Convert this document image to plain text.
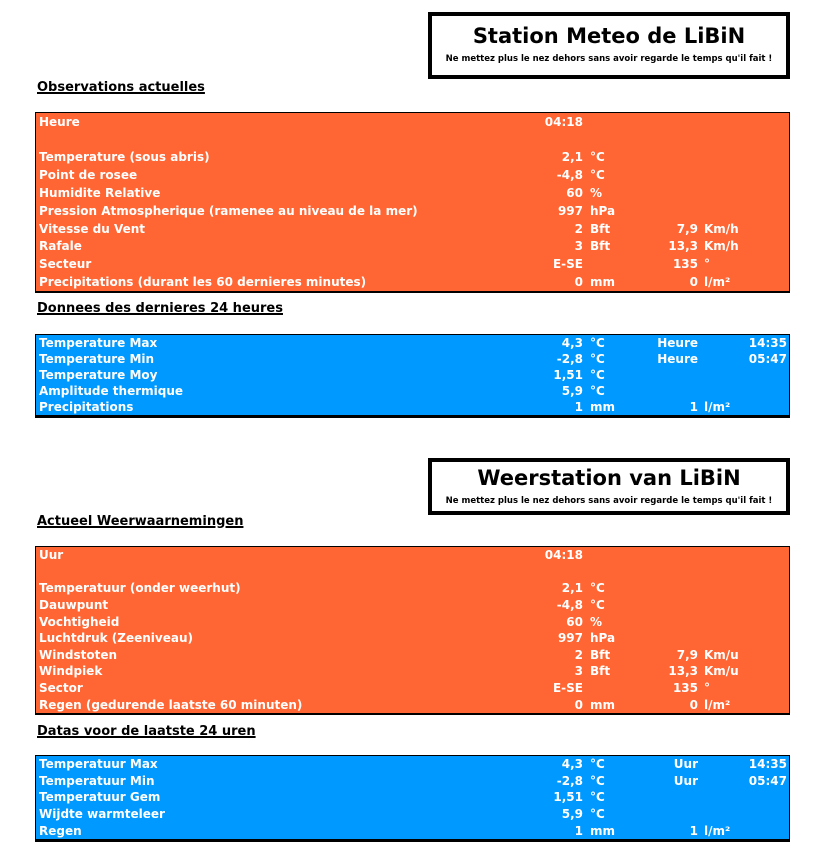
Station Meteo de LiBiN
Ne mettez plus le nez dehors sans avoir regarde le temps qu'il fait !
Observations actuelles
Heure	04:18
Temperature (sous abris)	2,1 °C
Point de rosee	-4,8 °C
Humidite Relative	60 %
Pression Atmospherique (ramenee au niveau de la mer)	997 hPa
Vitesse du Vent	2 Bft	7,9 Km/h
Rafale	3 Bft	13,3 Km/h
Secteur	E-SE	135 °
Precipitations (durant les 60 dernieres minutes)	0 mm	0 l/m²
Donnees des dernieres 24 heures
Temperature Max	4,3 °C	Heure	14:35
Temperature Min	-2,8 °C	Heure	05:47
Temperature Moy	1,51 °C
Amplitude thermique	5,9 °C
Precipitations	1 mm	1 l/m²
Weerstation van LiBiN
Ne mettez plus le nez dehors sans avoir regarde le temps qu'il fait !
Actueel Weerwaarnemingen
Uur	04:18
Temperatuur (onder weerhut)	2,1 °C
Dauwpunt	-4,8 °C
Vochtigheid	60 %
Luchtdruk (Zeeniveau)	997 hPa
Windstoten	2 Bft	7,9 Km/u
Windpiek	3 Bft	13,3 Km/u
Sector	E-SE	135 °
Regen (gedurende laatste 60 minuten)	0 mm	0 l/m²
Datas voor de laatste 24 uren
Temperatuur Max	4,3 °C	Uur	14:35
Temperatuur Min	-2,8 °C	Uur	05:47
Temperatuur Gem	1,51 °C
Wijdte warmteleer	5,9 °C
Regen	1 mm	1 l/m²
